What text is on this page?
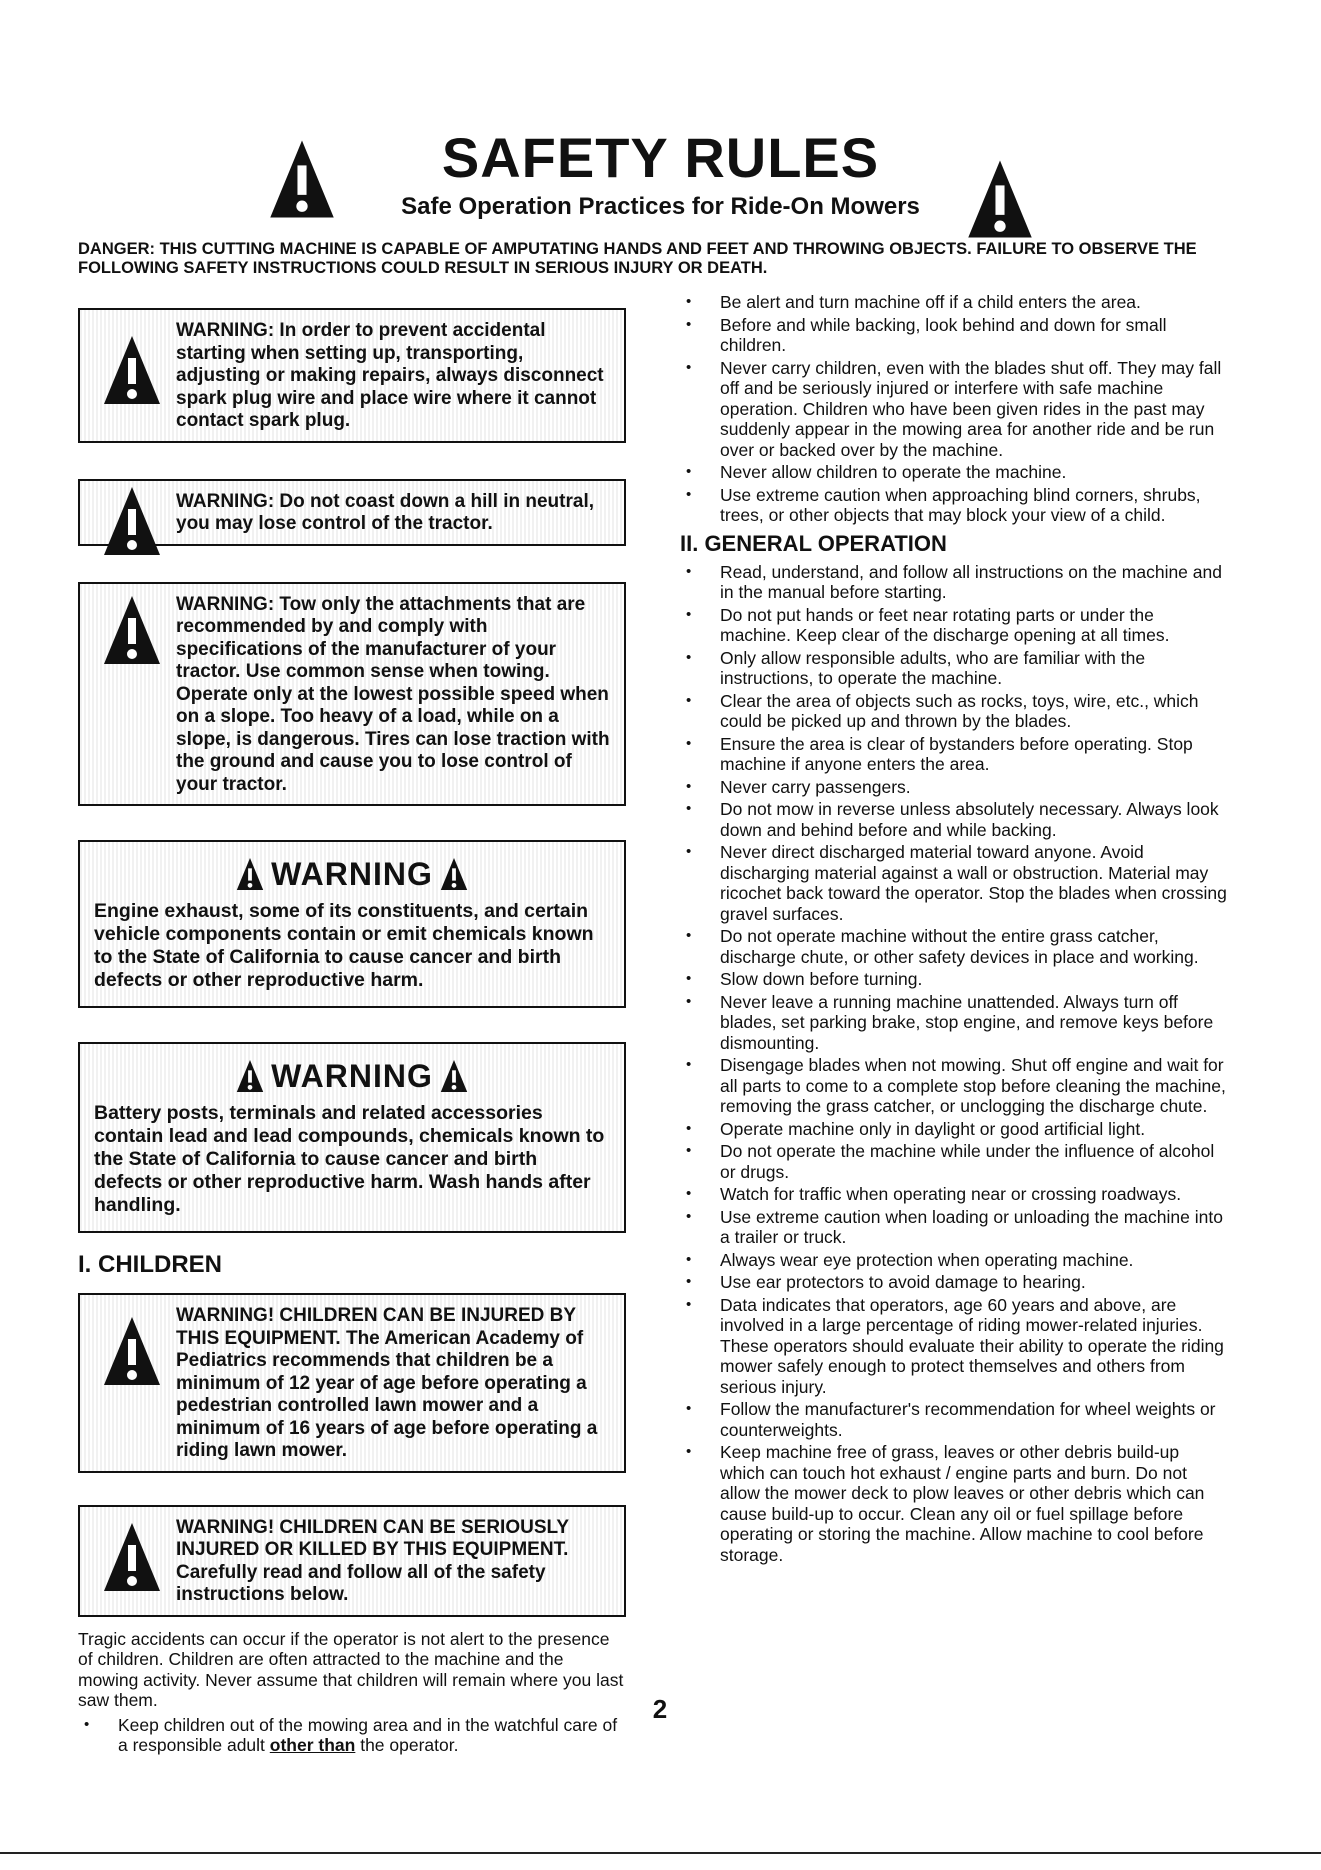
SAFETY RULES
Safe Operation Practices for Ride-On Mowers
DANGER: THIS CUTTING MACHINE IS CAPABLE OF AMPUTATING HANDS AND FEET AND THROWING OBJECTS. FAILURE TO OBSERVE THE FOLLOWING SAFETY INSTRUCTIONS COULD RESULT IN SERIOUS INJURY OR DEATH.
WARNING: In order to prevent accidental starting when setting up, transporting, adjusting or making repairs, always disconnect spark plug wire and place wire where it cannot contact spark plug.
WARNING: Do not coast down a hill in neutral, you may lose control of the tractor.
WARNING: Tow only the attachments that are recommended by and comply with specifications of the manufacturer of your tractor. Use common sense when towing. Operate only at the lowest possible speed when on a slope. Too heavy of a load, while on a slope, is dangerous. Tires can lose traction with the ground and cause you to lose control of your tractor.
WARNING
Engine exhaust, some of its constituents, and certain vehicle components contain or emit chemicals known to the State of California to cause cancer and birth defects or other reproductive harm.
WARNING
Battery posts, terminals and related accessories contain lead and lead compounds, chemicals known to the State of California to cause cancer and birth defects or other reproductive harm. Wash hands after handling.
I. CHILDREN
WARNING! CHILDREN CAN BE INJURED BY THIS EQUIPMENT. The American Academy of Pediatrics recommends that children be a minimum of 12 year of age before operating a pedestrian controlled lawn mower and a minimum of 16 years of age before operating a riding lawn mower.
WARNING! CHILDREN CAN BE SERIOUSLY INJURED OR KILLED BY THIS EQUIPMENT. Carefully read and follow all of the safety instructions below.

Tragic accidents can occur if the operator is not alert to the presence of children. Children are often attracted to the machine and the mowing activity. Never assume that children will remain where you last saw them.

• Keep children out of the mowing area and in the watchful care of a responsible adult other than the operator.
• Be alert and turn machine off if a child enters the area.
• Before and while backing, look behind and down for small children.
• Never carry children, even with the blades shut off. They may fall off and be seriously injured or interfere with safe machine operation. Children who have been given rides in the past may suddenly appear in the mowing area for another ride and be run over or backed over by the machine.
• Never allow children to operate the machine.
• Use extreme caution when approaching blind corners, shrubs, trees, or other objects that may block your view of a child.
II. GENERAL OPERATION
• Read, understand, and follow all instructions on the machine and in the manual before starting.
• Do not put hands or feet near rotating parts or under the machine. Keep clear of the discharge opening at all times.
• Only allow responsible adults, who are familiar with the instructions, to operate the machine.
• Clear the area of objects such as rocks, toys, wire, etc., which could be picked up and thrown by the blades.
• Ensure the area is clear of bystanders before operating. Stop machine if anyone enters the area.
• Never carry passengers.
• Do not mow in reverse unless absolutely necessary. Always look down and behind before and while backing.
• Never direct discharged material toward anyone. Avoid discharging material against a wall or obstruction. Material may ricochet back toward the operator. Stop the blades when crossing gravel surfaces.
• Do not operate machine without the entire grass catcher, discharge chute, or other safety devices in place and working.
• Slow down before turning.
• Never leave a running machine unattended. Always turn off blades, set parking brake, stop engine, and remove keys before dismounting.
• Disengage blades when not mowing. Shut off engine and wait for all parts to come to a complete stop before cleaning the machine, removing the grass catcher, or unclogging the discharge chute.
• Operate machine only in daylight or good artificial light.
• Do not operate the machine while under the influence of alcohol or drugs.
• Watch for traffic when operating near or crossing roadways.
• Use extreme caution when loading or unloading the machine into a trailer or truck.
• Always wear eye protection when operating machine.
• Use ear protectors to avoid damage to hearing.
• Data indicates that operators, age 60 years and above, are involved in a large percentage of riding mower-related injuries. These operators should evaluate their ability to operate the riding mower safely enough to protect themselves and others from serious injury.
• Follow the manufacturer's recommendation for wheel weights or counterweights.
• Keep machine free of grass, leaves or other debris build-up which can touch hot exhaust / engine parts and burn. Do not allow the mower deck to plow leaves or other debris which can cause build-up to occur. Clean any oil or fuel spillage before operating or storing the machine. Allow machine to cool before storage.
2
